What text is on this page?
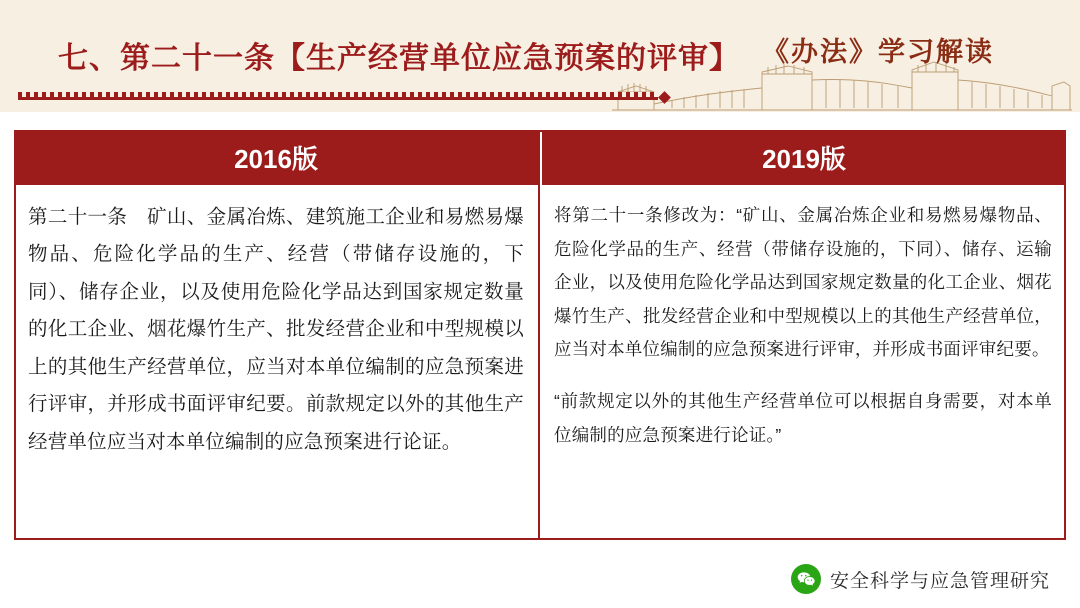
七、第二十一条【生产经营单位应急预案的评审】 《办法》学习解读
2016版
第二十一条　矿山、金属冶炼、建筑施工企业和易燃易爆物品、危险化学品的生产、经营（带储存设施的，下同）、储存企业，以及使用危险化学品达到国家规定数量的化工企业、烟花爆竹生产、批发经营企业和中型规模以上的其他生产经营单位，应当对本单位编制的应急预案进行评审，并形成书面评审纪要。前款规定以外的其他生产经营单位应当对本单位编制的应急预案进行论证。
2019版
将第二十一条修改为：“矿山、金属冶炼企业和易燃易爆物品、危险化学品的生产、经营（带储存设施的，下同）、储存、运输企业，以及使用危险化学品达到国家规定数量的化工企业、烟花爆竹生产、批发经营企业和中型规模以上的其他生产经营单位，应当对本单位编制的应急预案进行评审，并形成书面评审纪要。
“前款规定以外的其他生产经营单位可以根据自身需要，对本单位编制的应急预案进行论证。”
安全科学与应急管理研究
